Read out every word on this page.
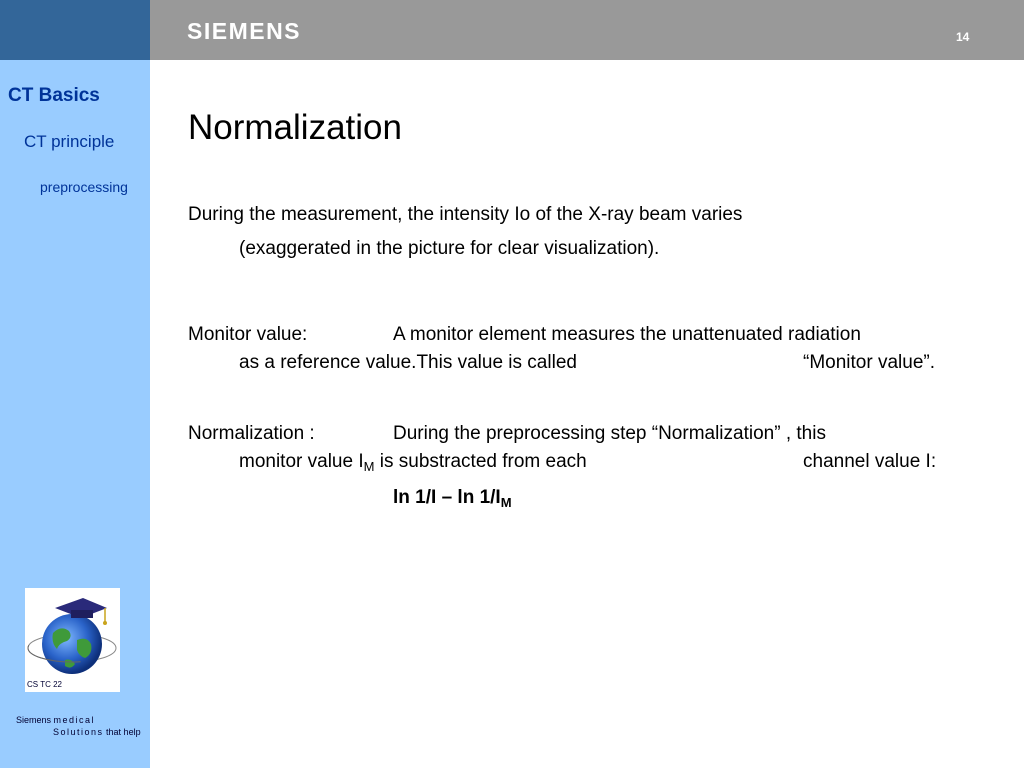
SIEMENS	14
CT Basics
CT principle
preprocessing
CS TC 22
Siemens medical
Solutions that help
Normalization
During the measurement, the intensity Io of the X-ray beam varies
(exaggerated in the picture for clear visualization).
Monitor value:	A monitor element measures the unattenuated radiation
as a reference value.This value is called	“Monitor value”.
Normalization :	During the preprocessing step “Normalization” , this
monitor value $I_M$ is substracted from each	channel value I:
$\ln 1/I - \ln 1/I_M$
